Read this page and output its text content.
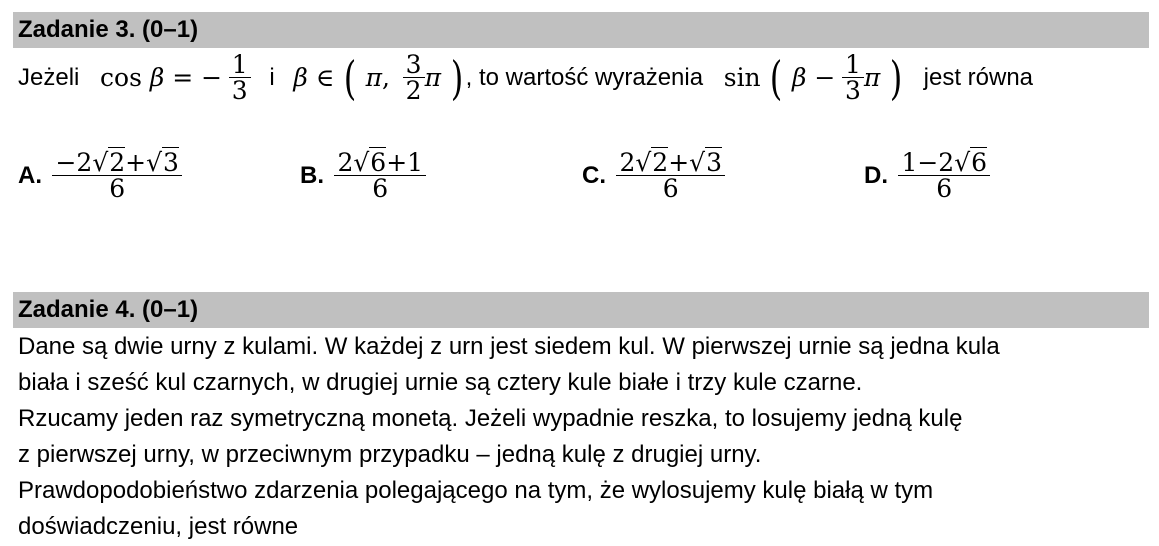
Zadanie 3. (0–1)
Jeżeli cos β = − $\frac{1}{3}$ i β ∈ ( π, $\frac{3}{2}$ π ) , to wartość wyrażenia sin ( $\beta - \frac{1}{3}$ π ) jest równa
A. $\frac{-2√2+√3}{6}$	B. $\frac{2√6+1}{6}$	C. $\frac{2√2+√3}{6}$	D. $\frac{1-2√6}{6}$
Zadanie 4. (0–1)
Dane są dwie urny z kulami. W każdej z urn jest siedem kul. W pierwszej urnie są jedna kula
biała i sześć kul czarnych, w drugiej urnie są cztery kule białe i trzy kule czarne.
Rzucamy jeden raz symetryczną monetą. Jeżeli wypadnie reszka, to losujemy jedną kulę
z pierwszej urny, w przeciwnym przypadku – jedną kulę z drugiej urny.
Prawdopodobieństwo zdarzenia polegającego na tym, że wylosujemy kulę białą w tym
doświadczeniu, jest równe
